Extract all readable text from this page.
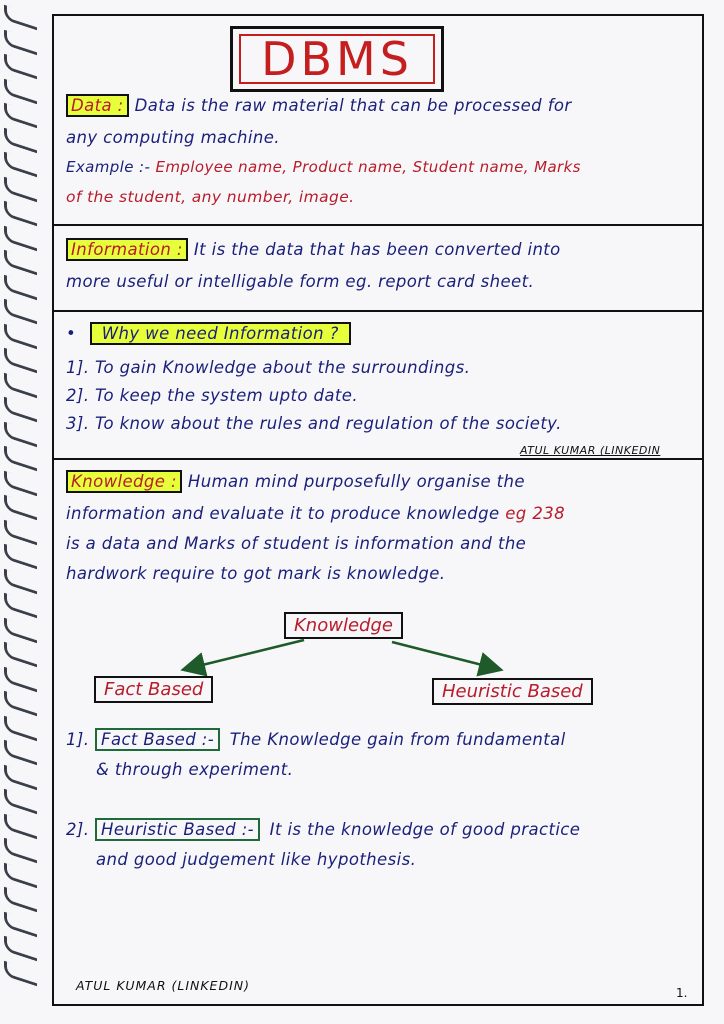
DBMS
Data : Data is the raw material that can be processed for
any computing machine.
Example :- Employee name, Product name, Student name, Marks
of the student, any number, image.
Information : It is the data that has been converted into
more useful or intelligable form eg. report card sheet.
• Why we need Information ?
1]. To gain Knowledge about the surroundings.
2]. To keep the system upto date.
3]. To know about the rules and regulation of the society.
ATUL KUMAR (LINKEDIN
Knowledge : Human mind purposefully organise the
information and evaluate it to produce knowledge eg 238
is a data and Marks of student is information and the
hardwork require to got mark is knowledge.
Knowledge
Fact Based	Heuristic Based
1]. Fact Based :- The Knowledge gain from fundamental
& through experiment.
2]. Heuristic Based :- It is the knowledge of good practice
and good judgement like hypothesis.
ATUL KUMAR (LINKEDIN)	1.
